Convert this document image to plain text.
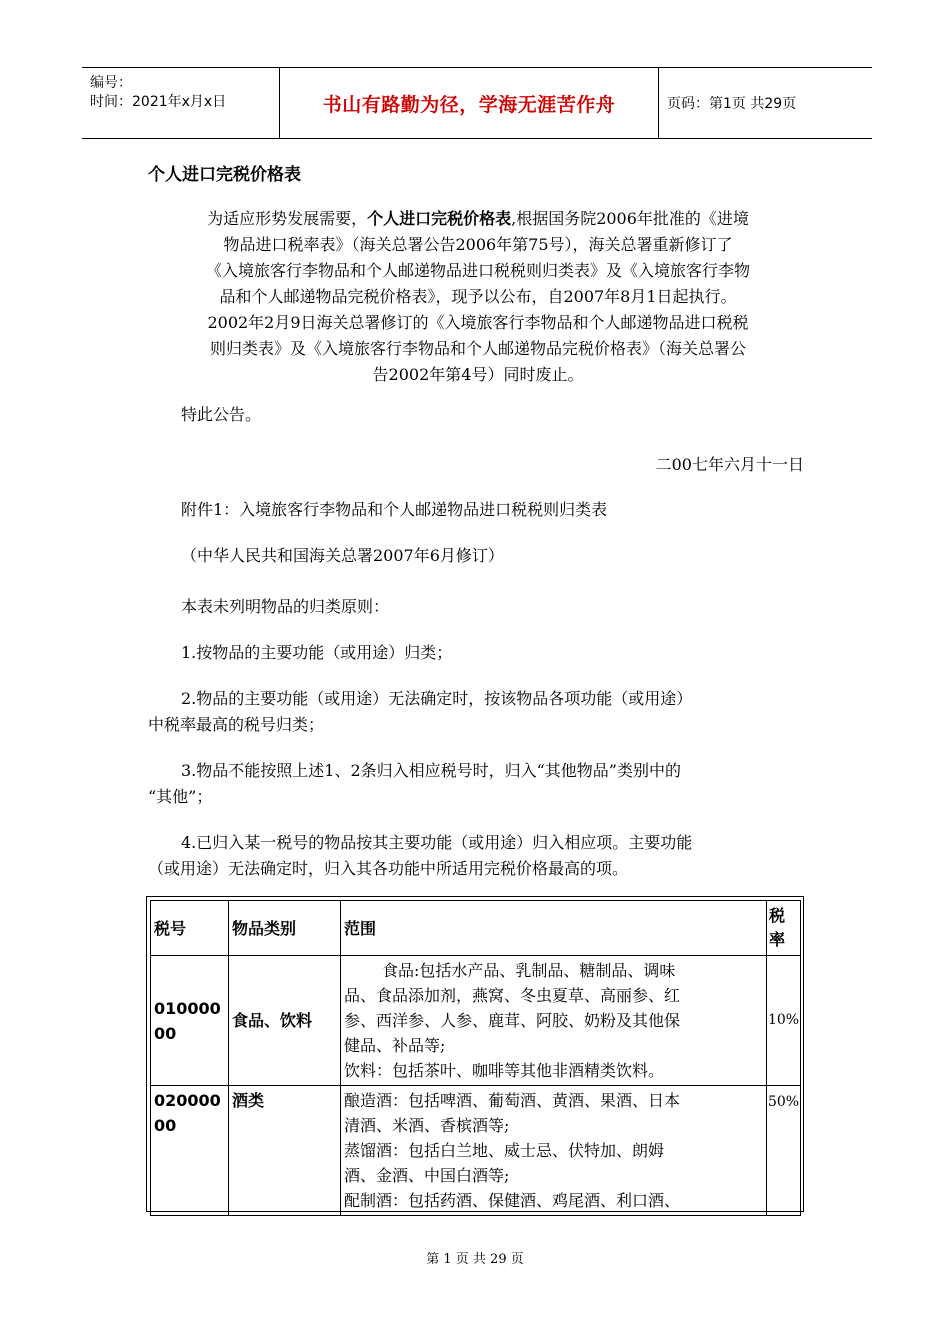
编号：
时间：2021年x月x日	书山有路勤为径，学海无涯苦作舟	页码：第1页 共29页
个人进口完税价格表
为适应形势发展需要，个人进口完税价格表,根据国务院2006年批准的《进境
物品进口税率表》（海关总署公告2006年第75号），海关总署重新修订了
《入境旅客行李物品和个人邮递物品进口税税则归类表》及《入境旅客行李物
品和个人邮递物品完税价格表》，现予以公布，自2007年8月1日起执行。
2002年2月9日海关总署修订的《入境旅客行李物品和个人邮递物品进口税税
则归类表》及《入境旅客行李物品和个人邮递物品完税价格表》（海关总署公
告2002年第4号）同时废止。
特此公告。
二00七年六月十一日
附件1：入境旅客行李物品和个人邮递物品进口税税则归类表
（中华人民共和国海关总署2007年6月修订）
本表未列明物品的归类原则：
1.按物品的主要功能（或用途）归类；
2.物品的主要功能（或用途）无法确定时，按该物品各项功能（或用途）
中税率最高的税号归类；
3.物品不能按照上述1、2条归入相应税号时，归入“其他物品”类别中的
“其他”；
4.已归入某一税号的物品按其主要功能（或用途）归入相应项。主要功能
（或用途）无法确定时，归入其各功能中所适用完税价格最高的项。
税号	物品类别	范围	税率
01000000	食品、饮料	食品:包括水产品、乳制品、糖制品、调味
品、食品添加剂，燕窝、冬虫夏草、高丽参、红
参、西洋参、人参、鹿茸、阿胶、奶粉及其他保
健品、补品等;
饮料：包括茶叶、咖啡等其他非酒精类饮料。	10%
02000000	酒类	酿造酒：包括啤酒、葡萄酒、黄酒、果酒、日本
清酒、米酒、香槟酒等;
蒸馏酒：包括白兰地、威士忌、伏特加、朗姆
酒、金酒、中国白酒等;
配制酒：包括药酒、保健酒、鸡尾酒、利口酒、	50%
第 1 页 共 29 页
